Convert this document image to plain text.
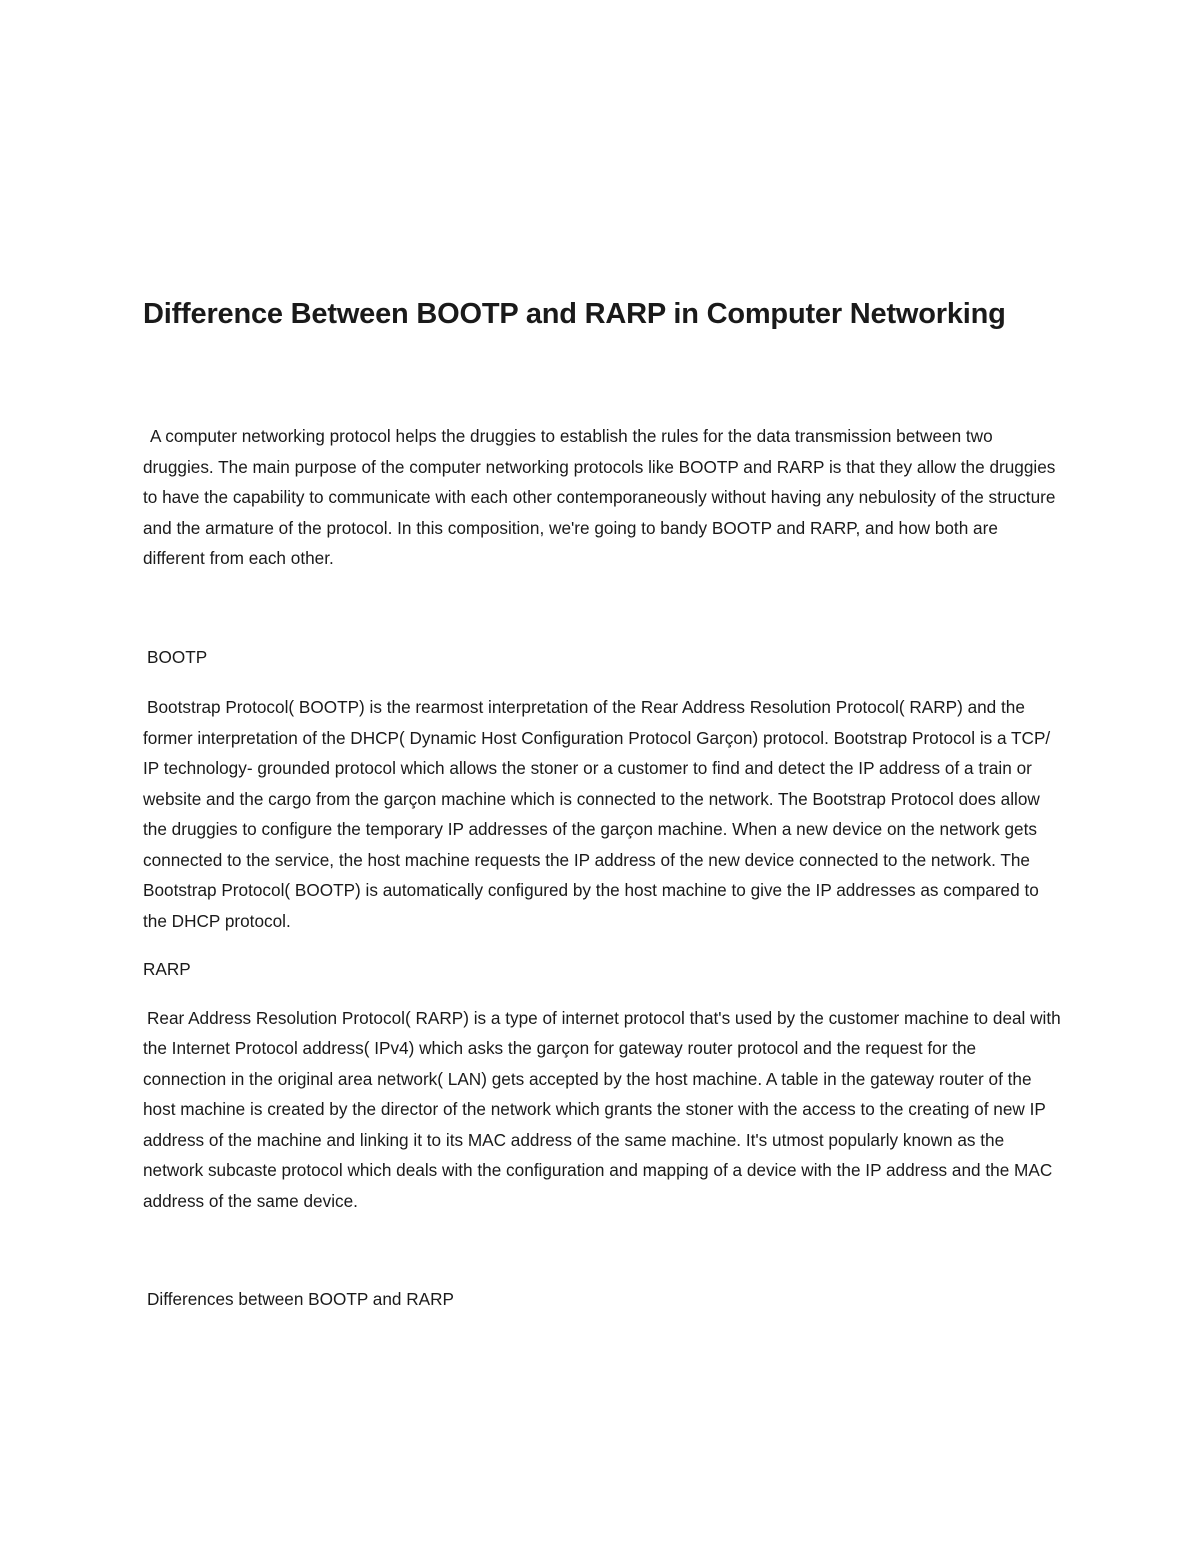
Difference Between BOOTP and RARP in Computer Networking

A computer networking protocol helps the druggies to establish the rules for the data transmission between two druggies. The main purpose of the computer networking protocols like BOOTP and RARP is that they allow the druggies to have the capability to communicate with each other contemporaneously without having any nebulosity of the structure and the armature of the protocol. In this composition, we're going to bandy BOOTP and RARP, and how both are different from each other.

BOOTP

Bootstrap Protocol( BOOTP) is the rearmost interpretation of the Rear Address Resolution Protocol( RARP) and the former interpretation of the DHCP( Dynamic Host Configuration Protocol Garçon) protocol. Bootstrap Protocol is a TCP/ IP technology- grounded protocol which allows the stoner or a customer to find and detect the IP address of a train or website and the cargo from the garçon machine which is connected to the network. The Bootstrap Protocol does allow the druggies to configure the temporary IP addresses of the garçon machine. When a new device on the network gets connected to the service, the host machine requests the IP address of the new device connected to the network. The Bootstrap Protocol( BOOTP) is automatically configured by the host machine to give the IP addresses as compared to the DHCP protocol.

RARP

Rear Address Resolution Protocol( RARP) is a type of internet protocol that's used by the customer machine to deal with the Internet Protocol address( IPv4) which asks the garçon for gateway router protocol and the request for the connection in the original area network( LAN) gets accepted by the host machine. A table in the gateway router of the host machine is created by the director of the network which grants the stoner with the access to the creating of new IP address of the machine and linking it to its MAC address of the same machine. It's utmost popularly known as the network subcaste protocol which deals with the configuration and mapping of a device with the IP address and the MAC address of the same device.

Differences between BOOTP and RARP
